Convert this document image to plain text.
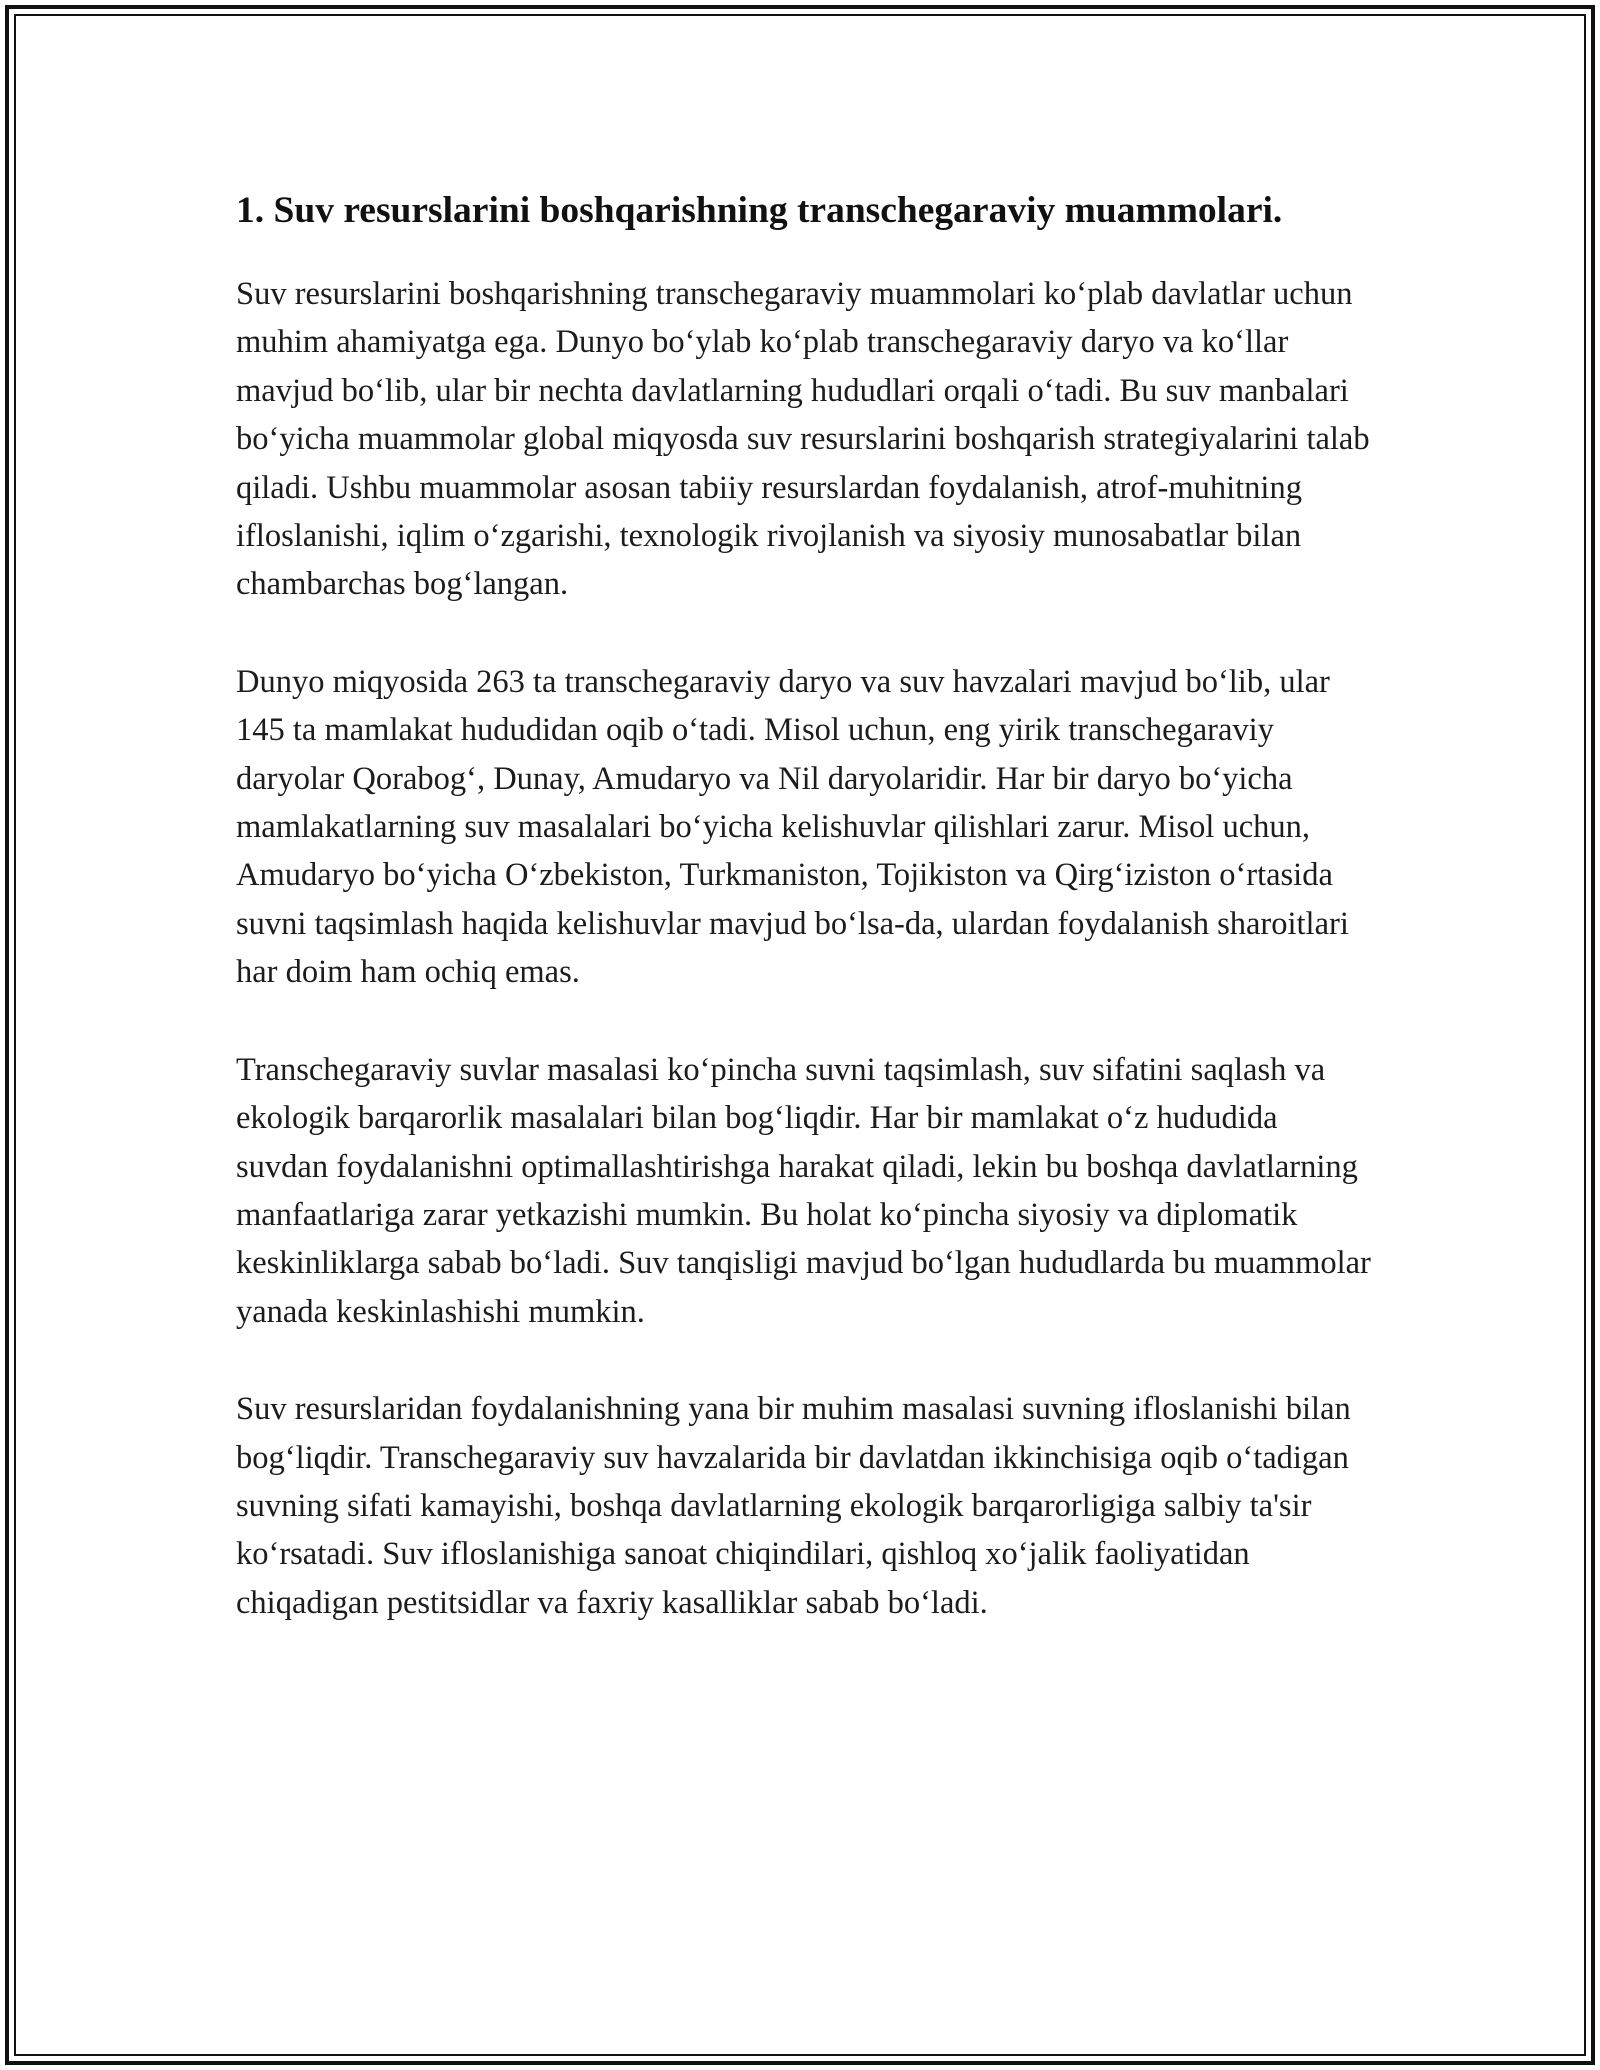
1. Suv resurslarini boshqarishning transchegaraviy muammolari.

Suv resurslarini boshqarishning transchegaraviy muammolari ko‘plab davlatlar uchun muhim ahamiyatga ega. Dunyo bo‘ylab ko‘plab transchegaraviy daryo va ko‘llar mavjud bo‘lib, ular bir nechta davlatlarning hududlari orqali o‘tadi. Bu suv manbalari bo‘yicha muammolar global miqyosda suv resurslarini boshqarish strategiyalarini talab qiladi. Ushbu muammolar asosan tabiiy resurslardan foydalanish, atrof-muhitning ifloslanishi, iqlim o‘zgarishi, texnologik rivojlanish va siyosiy munosabatlar bilan chambarchas bog‘langan.

Dunyo miqyosida 263 ta transchegaraviy daryo va suv havzalari mavjud bo‘lib, ular 145 ta mamlakat hududidan oqib o‘tadi. Misol uchun, eng yirik transchegaraviy daryolar Qorabog‘, Dunay, Amudaryo va Nil daryolaridir. Har bir daryo bo‘yicha mamlakatlarning suv masalalari bo‘yicha kelishuvlar qilishlari zarur. Misol uchun, Amudaryo bo‘yicha O‘zbekiston, Turkmaniston, Tojikiston va Qirg‘iziston o‘rtasida suvni taqsimlash haqida kelishuvlar mavjud bo‘lsa-da, ulardan foydalanish sharoitlari har doim ham ochiq emas.

Transchegaraviy suvlar masalasi ko‘pincha suvni taqsimlash, suv sifatini saqlash va ekologik barqarorlik masalalari bilan bog‘liqdir. Har bir mamlakat o‘z hududida suvdan foydalanishni optimallashtirishga harakat qiladi, lekin bu boshqa davlatlarning manfaatlariga zarar yetkazishi mumkin. Bu holat ko‘pincha siyosiy va diplomatik keskinliklarga sabab bo‘ladi. Suv tanqisligi mavjud bo‘lgan hududlarda bu muammolar yanada keskinlashishi mumkin.

Suv resurslaridan foydalanishning yana bir muhim masalasi suvning ifloslanishi bilan bog‘liqdir. Transchegaraviy suv havzalarida bir davlatdan ikkinchisiga oqib o‘tadigan suvning sifati kamayishi, boshqa davlatlarning ekologik barqarorligiga salbiy ta'sir ko‘rsatadi. Suv ifloslanishiga sanoat chiqindilari, qishloq xo‘jalik faoliyatidan chiqadigan pestitsidlar va faxriy kasalliklar sabab bo‘ladi.
